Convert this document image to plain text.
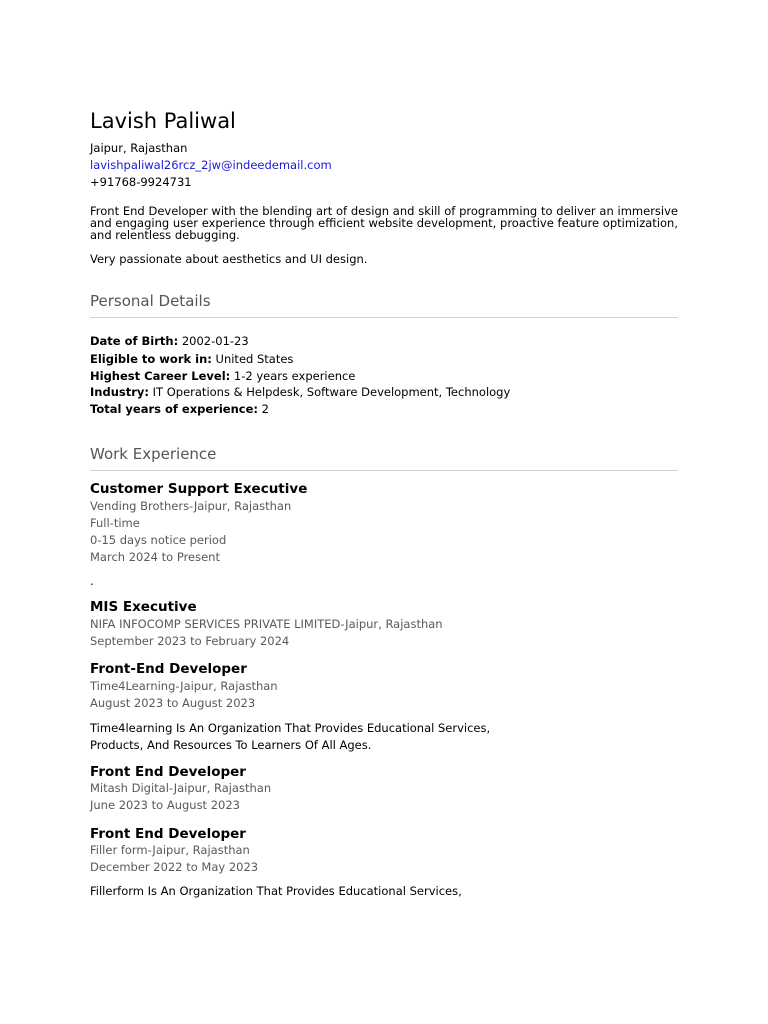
Lavish Paliwal
Jaipur, Rajasthan
lavishpaliwal26rcz_2jw@indeedemail.com
+91768-9924731
Front End Developer with the blending art of design and skill of programming to deliver an immersive and engaging user experience through efficient website development, proactive feature optimization, and relentless debugging.
Very passionate about aesthetics and UI design.
Personal Details
Date of Birth: 2002-01-23
Eligible to work in: United States
Highest Career Level: 1-2 years experience
Industry: IT Operations & Helpdesk, Software Development, Technology
Total years of experience: 2
Work Experience
Customer Support Executive
Vending Brothers-Jaipur, Rajasthan
Full-time
0-15 days notice period
March 2024 to Present
.
MIS Executive
NIFA INFOCOMP SERVICES PRIVATE LIMITED-Jaipur, Rajasthan
September 2023 to February 2024
Front-End Developer
Time4Learning-Jaipur, Rajasthan
August 2023 to August 2023
Time4learning Is An Organization That Provides Educational Services,
Products, And Resources To Learners Of All Ages.
Front End Developer
Mitash Digital-Jaipur, Rajasthan
June 2023 to August 2023
Front End Developer
Filler form-Jaipur, Rajasthan
December 2022 to May 2023
Fillerform Is An Organization That Provides Educational Services,
